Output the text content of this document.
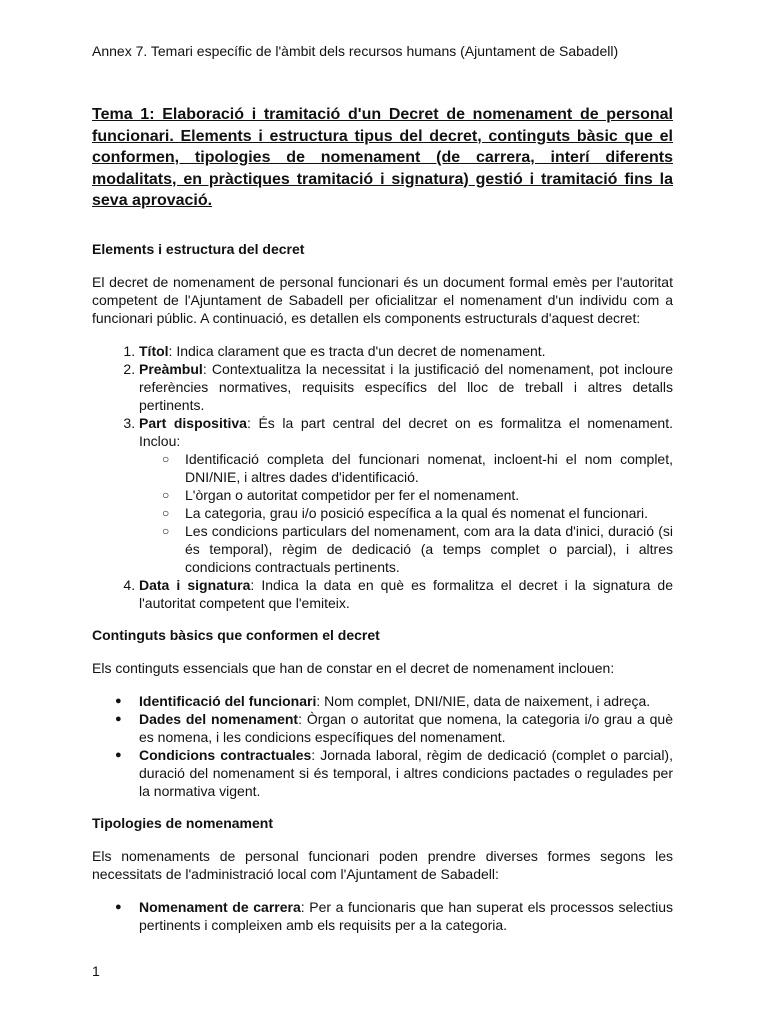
Annex 7. Temari específic de l'àmbit dels recursos humans (Ajuntament de Sabadell)
Tema 1: Elaboració i tramitació d'un Decret de nomenament de personal funcionari. Elements i estructura tipus del decret, continguts bàsic que el conformen, tipologies de nomenament (de carrera, interí diferents modalitats, en pràctiques tramitació i signatura) gestió i tramitació fins la seva aprovació.
Elements i estructura del decret

El decret de nomenament de personal funcionari és un document formal emès per l'autoritat competent de l'Ajuntament de Sabadell per oficialitzar el nomenament d'un individu com a funcionari públic. A continuació, es detallen els components estructurals d'aquest decret:

1. Títol: Indica clarament que es tracta d'un decret de nomenament.
2. Preàmbul: Contextualitza la necessitat i la justificació del nomenament, pot incloure referències normatives, requisits específics del lloc de treball i altres detalls pertinents.
3. Part dispositiva: És la part central del decret on es formalitza el nomenament. Inclou:
○ Identificació completa del funcionari nomenat, incloent-hi el nom complet, DNI/NIE, i altres dades d'identificació.
○ L'òrgan o autoritat competidor per fer el nomenament.
○ La categoria, grau i/o posició específica a la qual és nomenat el funcionari.
○ Les condicions particulars del nomenament, com ara la data d'inici, duració (si és temporal), règim de dedicació (a temps complet o parcial), i altres condicions contractuals pertinents.
4. Data i signatura: Indica la data en què es formalitza el decret i la signatura de l'autoritat competent que l'emiteix.
Continguts bàsics que conformen el decret

Els continguts essencials que han de constar en el decret de nomenament inclouen:

● Identificació del funcionari: Nom complet, DNI/NIE, data de naixement, i adreça.
● Dades del nomenament: Òrgan o autoritat que nomena, la categoria i/o grau a què es nomena, i les condicions específiques del nomenament.
● Condicions contractuales: Jornada laboral, règim de dedicació (complet o parcial), duració del nomenament si és temporal, i altres condicions pactades o regulades per la normativa vigent.
Tipologies de nomenament

Els nomenaments de personal funcionari poden prendre diverses formes segons les necessitats de l'administració local com l'Ajuntament de Sabadell:

● Nomenament de carrera: Per a funcionaris que han superat els processos selectius pertinents i compleixen amb els requisits per a la categoria.
1
